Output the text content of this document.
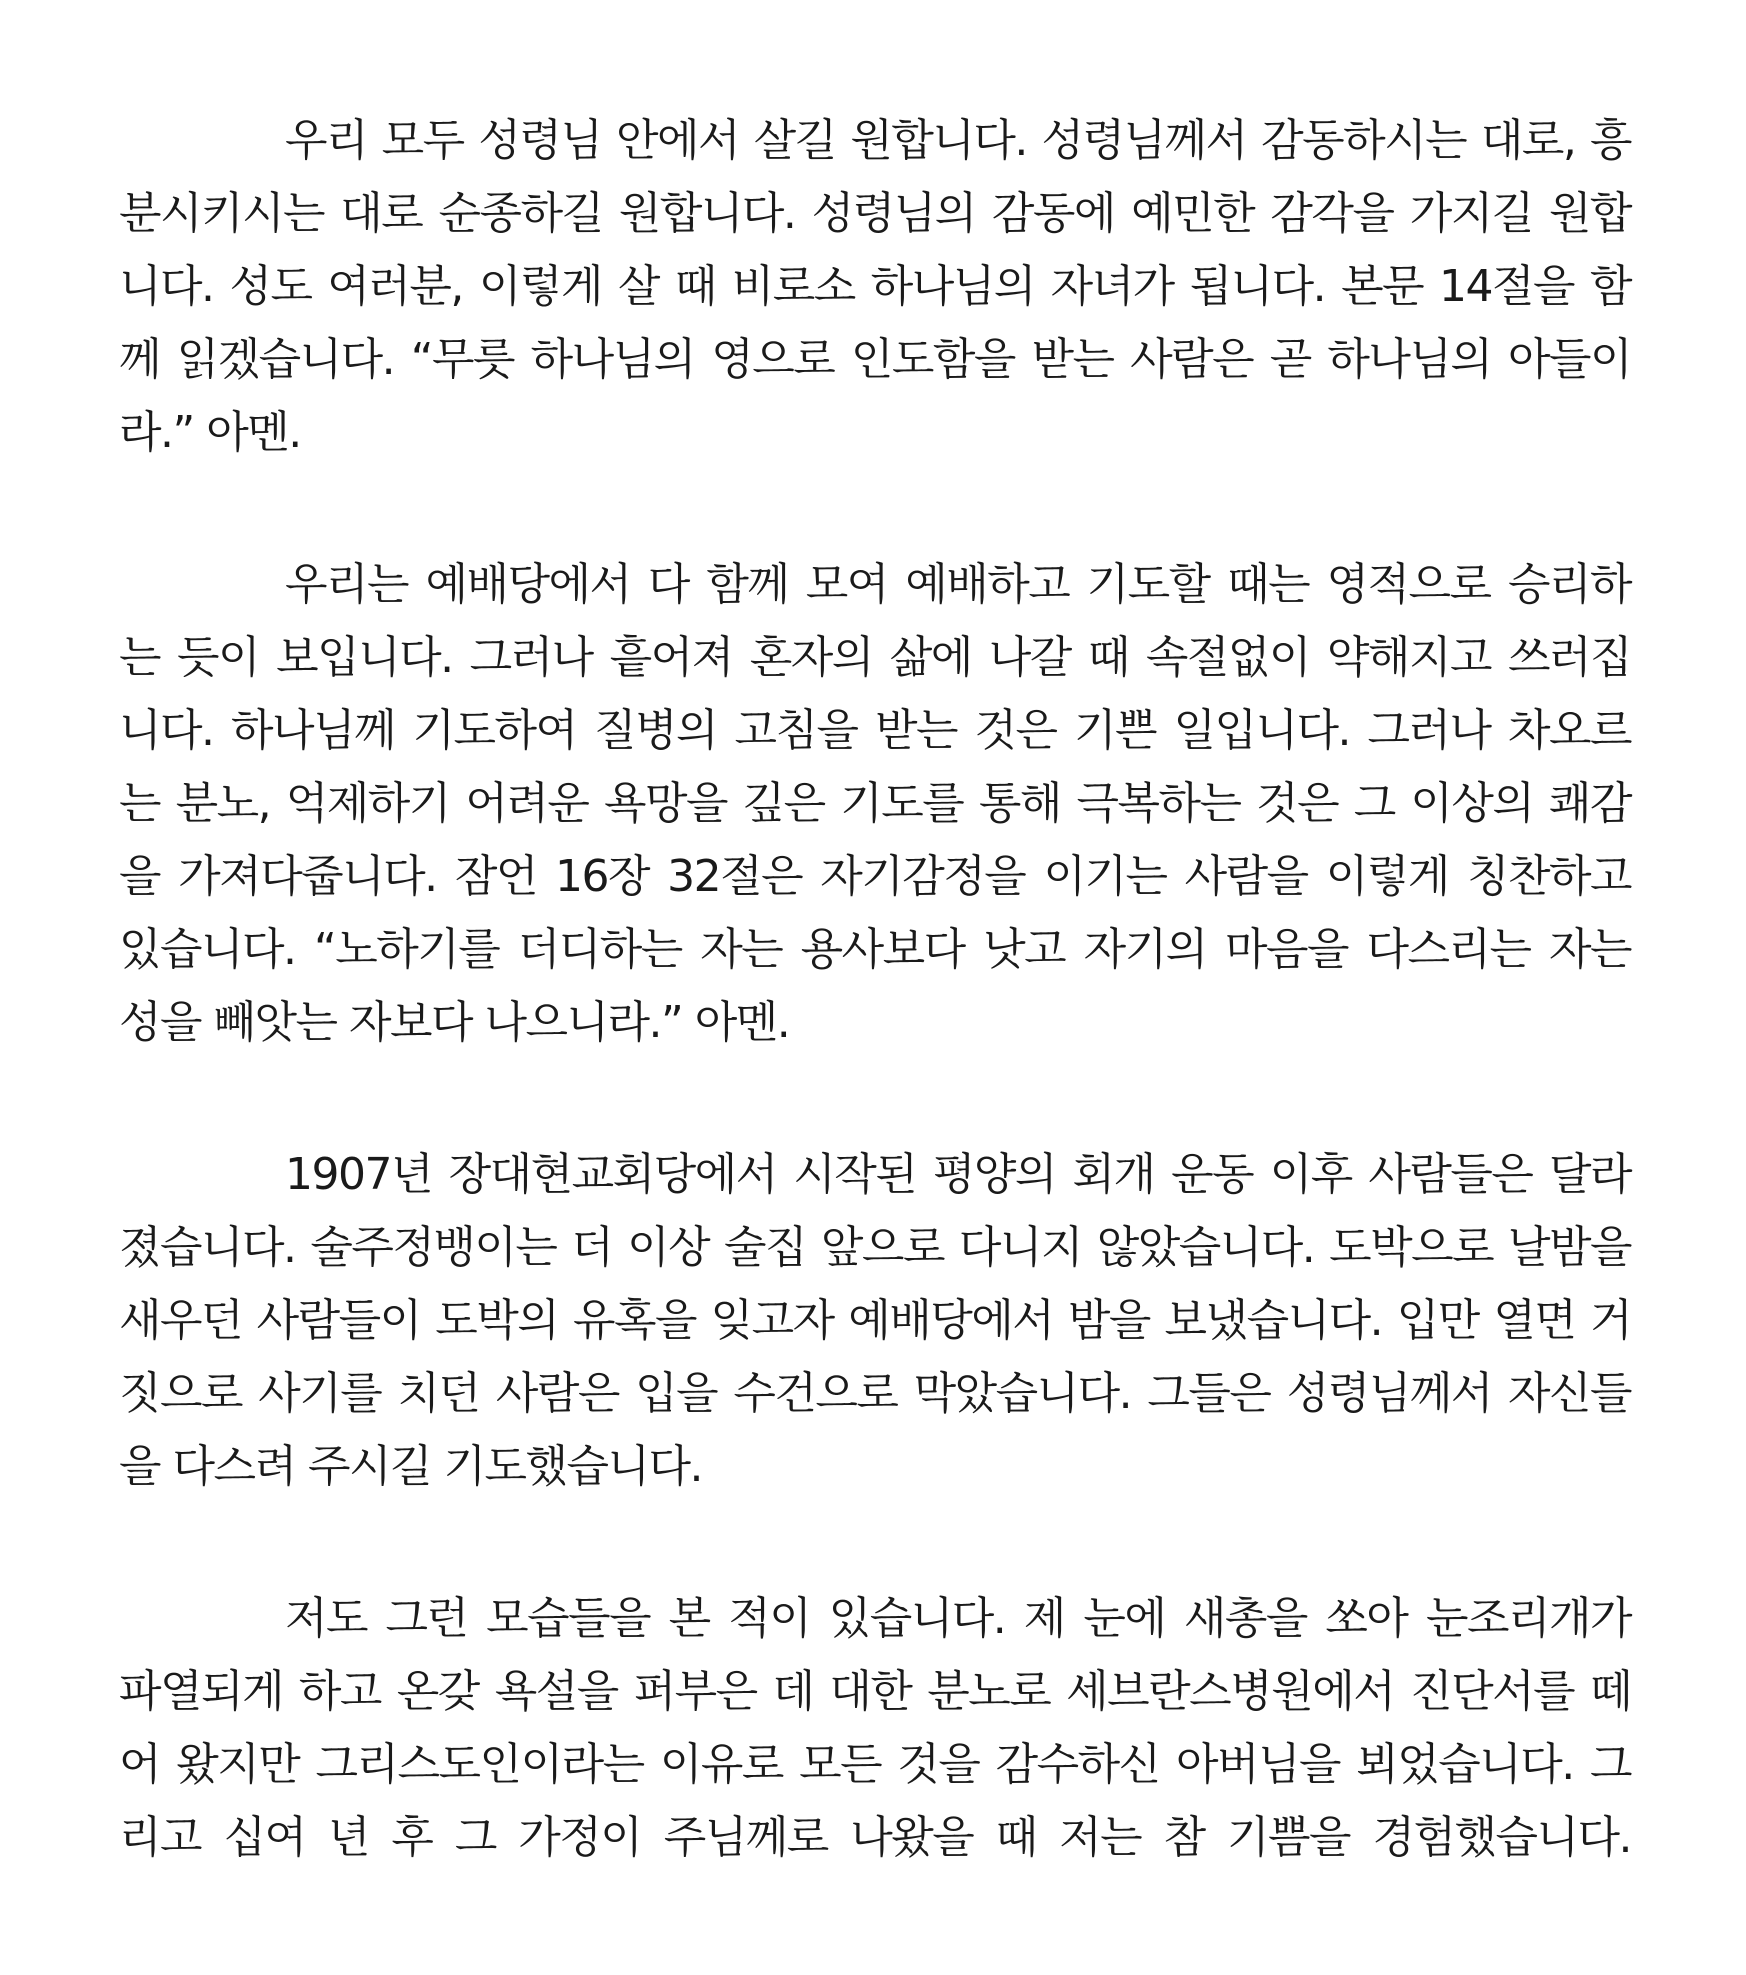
우리 모두 성령님 안에서 살길 원합니다. 성령님께서 감동하시는 대로, 흥
분시키시는 대로 순종하길 원합니다. 성령님의 감동에 예민한 감각을 가지길 원합
니다. 성도 여러분, 이렇게 살 때 비로소 하나님의 자녀가 됩니다. 본문 14절을 함
께 읽겠습니다. “무릇 하나님의 영으로 인도함을 받는 사람은 곧 하나님의 아들이
라.” 아멘.
우리는 예배당에서 다 함께 모여 예배하고 기도할 때는 영적으로 승리하
는 듯이 보입니다. 그러나 흩어져 혼자의 삶에 나갈 때 속절없이 약해지고 쓰러집
니다. 하나님께 기도하여 질병의 고침을 받는 것은 기쁜 일입니다. 그러나 차오르
는 분노, 억제하기 어려운 욕망을 깊은 기도를 통해 극복하는 것은 그 이상의 쾌감
을 가져다줍니다. 잠언 16장 32절은 자기감정을 이기는 사람을 이렇게 칭찬하고
있습니다. “노하기를 더디하는 자는 용사보다 낫고 자기의 마음을 다스리는 자는
성을 빼앗는 자보다 나으니라.” 아멘.
1907년 장대현교회당에서 시작된 평양의 회개 운동 이후 사람들은 달라
졌습니다. 술주정뱅이는 더 이상 술집 앞으로 다니지 않았습니다. 도박으로 날밤을
새우던 사람들이 도박의 유혹을 잊고자 예배당에서 밤을 보냈습니다. 입만 열면 거
짓으로 사기를 치던 사람은 입을 수건으로 막았습니다. 그들은 성령님께서 자신들
을 다스려 주시길 기도했습니다.
저도 그런 모습들을 본 적이 있습니다. 제 눈에 새총을 쏘아 눈조리개가
파열되게 하고 온갖 욕설을 퍼부은 데 대한 분노로 세브란스병원에서 진단서를 떼
어 왔지만 그리스도인이라는 이유로 모든 것을 감수하신 아버님을 뵈었습니다. 그
리고 십여 년 후 그 가정이 주님께로 나왔을 때 저는 참 기쁨을 경험했습니다.
